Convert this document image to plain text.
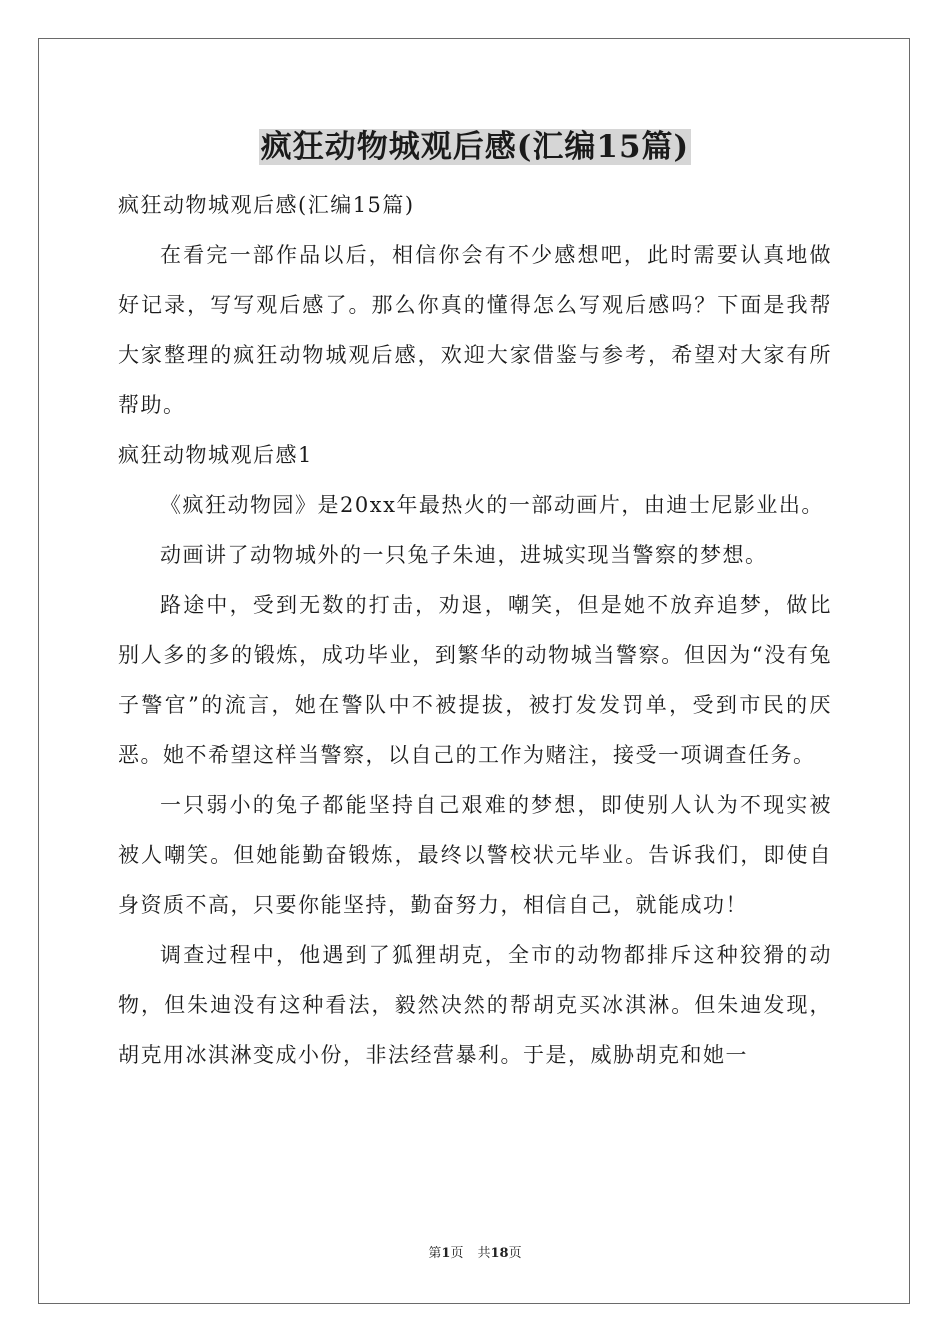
疯狂动物城观后感(汇编15篇)

疯狂动物城观后感(汇编15篇)

在看完一部作品以后，相信你会有不少感想吧，此时需要认真地做好记录，写写观后感了。那么你真的懂得怎么写观后感吗？下面是我帮大家整理的疯狂动物城观后感，欢迎大家借鉴与参考，希望对大家有所帮助。

疯狂动物城观后感1

《疯狂动物园》是20xx年最热火的一部动画片，由迪士尼影业出。

动画讲了动物城外的一只兔子朱迪，进城实现当警察的梦想。

路途中，受到无数的打击，劝退，嘲笑，但是她不放弃追梦，做比别人多的多的锻炼，成功毕业，到繁华的动物城当警察。但因为“没有兔子警官”的流言，她在警队中不被提拔，被打发发罚单，受到市民的厌恶。她不希望这样当警察，以自己的工作为赌注，接受一项调查任务。

一只弱小的兔子都能坚持自己艰难的梦想，即使别人认为不现实被被人嘲笑。但她能勤奋锻炼，最终以警校状元毕业。告诉我们，即使自身资质不高，只要你能坚持，勤奋努力，相信自己，就能成功！

调查过程中，他遇到了狐狸胡克，全市的动物都排斥这种狡猾的动物，但朱迪没有这种看法，毅然决然的帮胡克买冰淇淋。但朱迪发现，胡克用冰淇淋变成小份，非法经营暴利。于是，威胁胡克和她一

第1页 共18页
